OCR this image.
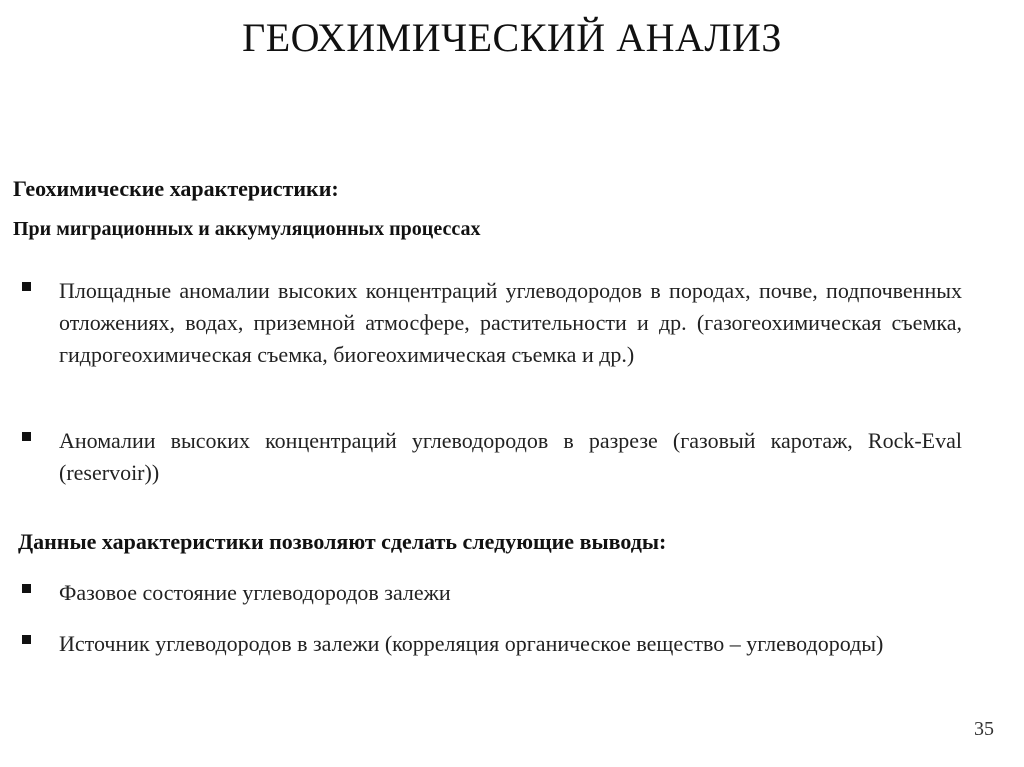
ГЕОХИМИЧЕСКИЙ АНАЛИЗ
Геохимические характеристики:
При миграционных и аккумуляционных процессах
Площадные аномалии высоких концентраций углеводородов в породах, почве, подпочвенных отложениях, водах, приземной атмосфере, растительности и др. (газогеохимическая съемка, гидрогеохимическая съемка, биогеохимическая съемка и др.)
Аномалии высоких концентраций углеводородов в разрезе (газовый каротаж, Rock-Eval (reservoir))
Данные характеристики позволяют сделать следующие выводы:
Фазовое состояние углеводородов залежи
Источник углеводородов в залежи (корреляция органическое вещество – углеводороды)
35
